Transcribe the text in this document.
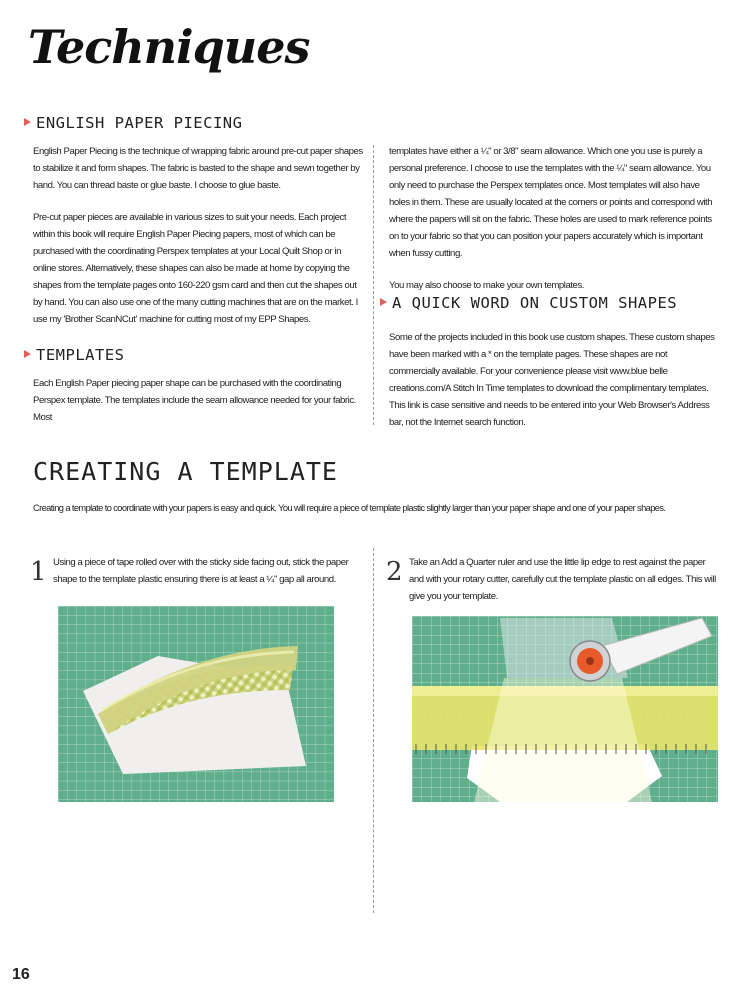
Techniques
ENGLISH PAPER PIECING

English Paper Piecing is the technique of wrapping fabric around pre-cut paper shapes to stabilize it and form shapes. The fabric is basted to the shape and sewn together by hand. You can thread baste or glue baste. I choose to glue baste.

Pre-cut paper pieces are available in various sizes to suit your needs. Each project within this book will require English Paper Piecing papers, most of which can be purchased with the coordinating Perspex templates at your Local Quilt Shop or in online stores. Alternatively, these shapes can also be made at home by copying the shapes from the template pages onto 160-220 gsm card and then cut the shapes out by hand. You can also use one of the many cutting machines that are on the market. I use my 'Brother ScanNCut' machine for cutting most of my EPP Shapes.

TEMPLATES

Each English Paper piecing paper shape can be purchased with the coordinating Perspex template. The templates include the seam allowance needed for your fabric. Most

templates have either a ¼" or 3/8" seam allowance. Which one you use is purely a personal preference. I choose to use the templates with the ¼" seam allowance. You only need to purchase the Perspex templates once. Most templates will also have holes in them. These are usually located at the corners or points and correspond with where the papers will sit on the fabric. These holes are used to mark reference points on to your fabric so that you can position your papers accurately which is important when fussy cutting.

You may also choose to make your own templates.

A QUICK WORD ON CUSTOM SHAPES

Some of the projects included in this book use custom shapes. These custom shapes have been marked with a * on the template pages. These shapes are not commercially available. For your convenience please visit www.blue belle creations.com/A Stitch In Time templates to download the complimentary templates. This link is case sensitive and needs to be entered into your Web Browser's Address bar, not the Internet search function.

CREATING A TEMPLATE
Creating a template to coordinate with your papers is easy and quick. You will require a piece of template plastic slightly larger than your paper shape and one of your paper shapes.
1 Using a piece of tape rolled over with the sticky side facing out, stick the paper shape to the template plastic ensuring there is at least a ¼" gap all around.	2 Take an Add a Quarter ruler and use the little lip edge to rest against the paper and with your rotary cutter, carefully cut the template plastic on all edges. This will give you your template.
16
